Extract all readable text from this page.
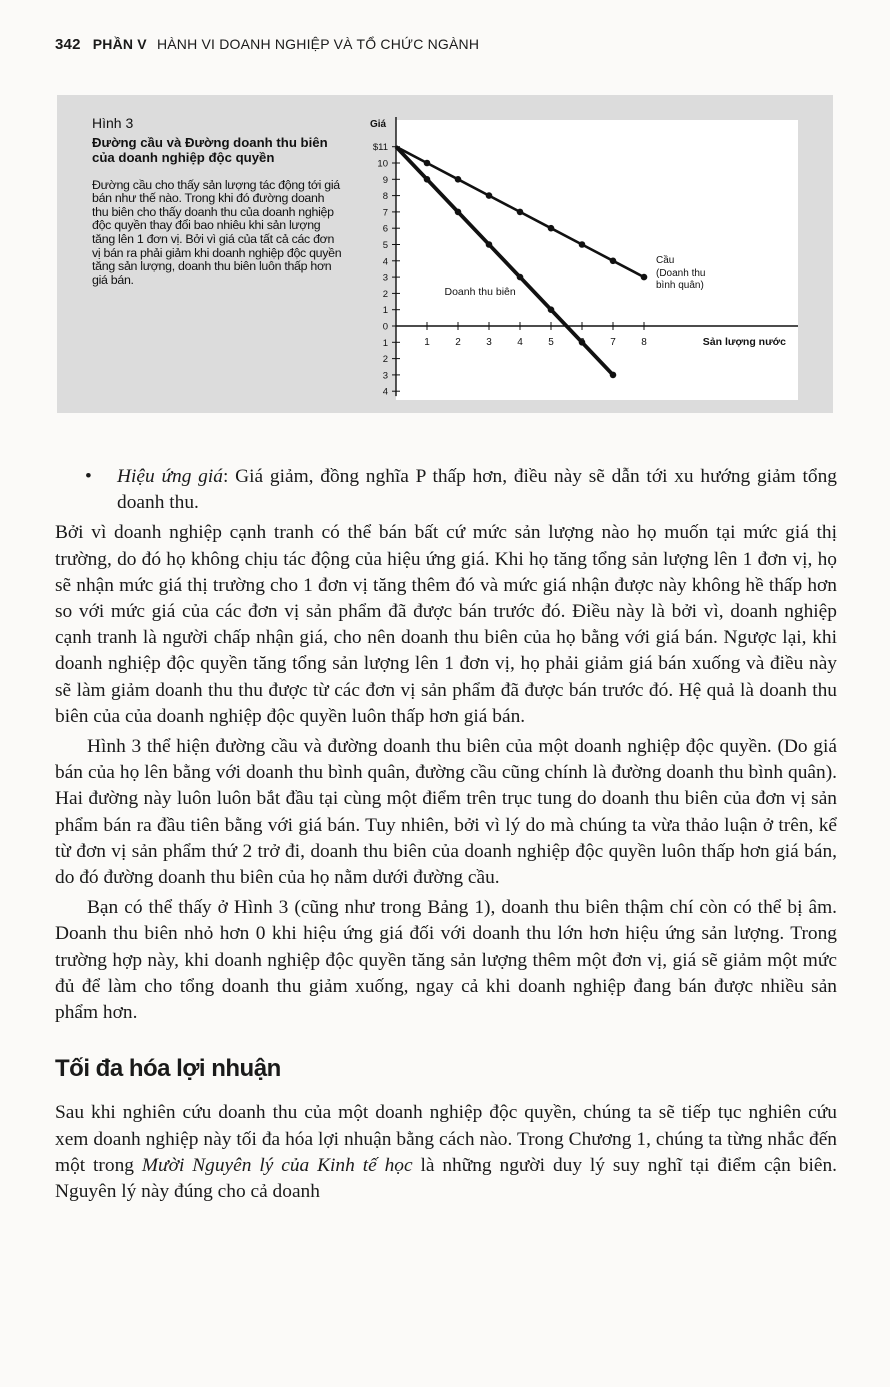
342 PHẦN V HÀNH VI DOANH NGHIỆP VÀ TỔ CHỨC NGÀNH
Hình 3
Đường cầu và Đường doanh thu biên của doanh nghiệp độc quyền
Đường cầu cho thấy sản lượng tác động tới giá bán như thế nào. Trong khi đó đường doanh thu biên cho thấy doanh thu của doanh nghiệp độc quyền thay đổi bao nhiêu khi sản lượng tăng lên 1 đơn vị. Bởi vì giá của tất cả các đơn vị bán ra phải giảm khi doanh nghiệp độc quyền tăng sản lượng, doanh thu biên luôn thấp hơn giá bán.
Giá
$11
10
9
8
7
6
5
4
3
2
1
0
1
2
3
4
1	2	3	4	5	7	8	Sản lượng nước
Cầu
(Doanh thu
bình quân)
Doanh thu biên
• Hiệu ứng giá: Giá giảm, đồng nghĩa P thấp hơn, điều này sẽ dẫn tới xu hướng giảm tổng doanh thu.

Bởi vì doanh nghiệp cạnh tranh có thể bán bất cứ mức sản lượng nào họ muốn tại mức giá thị trường, do đó họ không chịu tác động của hiệu ứng giá. Khi họ tăng tổng sản lượng lên 1 đơn vị, họ sẽ nhận mức giá thị trường cho 1 đơn vị tăng thêm đó và mức giá nhận được này không hề thấp hơn so với mức giá của các đơn vị sản phẩm đã được bán trước đó. Điều này là bởi vì, doanh nghiệp cạnh tranh là người chấp nhận giá, cho nên doanh thu biên của họ bằng với giá bán. Ngược lại, khi doanh nghiệp độc quyền tăng tổng sản lượng lên 1 đơn vị, họ phải giảm giá bán xuống và điều này sẽ làm giảm doanh thu thu được từ các đơn vị sản phẩm đã được bán trước đó. Hệ quả là doanh thu biên của của doanh nghiệp độc quyền luôn thấp hơn giá bán.

Hình 3 thể hiện đường cầu và đường doanh thu biên của một doanh nghiệp độc quyền. (Do giá bán của họ lên bằng với doanh thu bình quân, đường cầu cũng chính là đường doanh thu bình quân). Hai đường này luôn luôn bắt đầu tại cùng một điểm trên trục tung do doanh thu biên của đơn vị sản phẩm bán ra đầu tiên bằng với giá bán. Tuy nhiên, bởi vì lý do mà chúng ta vừa thảo luận ở trên, kể từ đơn vị sản phẩm thứ 2 trở đi, doanh thu biên của doanh nghiệp độc quyền luôn thấp hơn giá bán, do đó đường doanh thu biên của họ nằm dưới đường cầu.

Bạn có thể thấy ở Hình 3 (cũng như trong Bảng 1), doanh thu biên thậm chí còn có thể bị âm. Doanh thu biên nhỏ hơn 0 khi hiệu ứng giá đối với doanh thu lớn hơn hiệu ứng sản lượng. Trong trường hợp này, khi doanh nghiệp độc quyền tăng sản lượng thêm một đơn vị, giá sẽ giảm một mức đủ để làm cho tổng doanh thu giảm xuống, ngay cả khi doanh nghiệp đang bán được nhiều sản phẩm hơn.

Tối đa hóa lợi nhuận

Sau khi nghiên cứu doanh thu của một doanh nghiệp độc quyền, chúng ta sẽ tiếp tục nghiên cứu xem doanh nghiệp này tối đa hóa lợi nhuận bằng cách nào. Trong Chương 1, chúng ta từng nhắc đến một trong Mười Nguyên lý của Kinh tế học là những người duy lý suy nghĩ tại điểm cận biên. Nguyên lý này đúng cho cả doanh
